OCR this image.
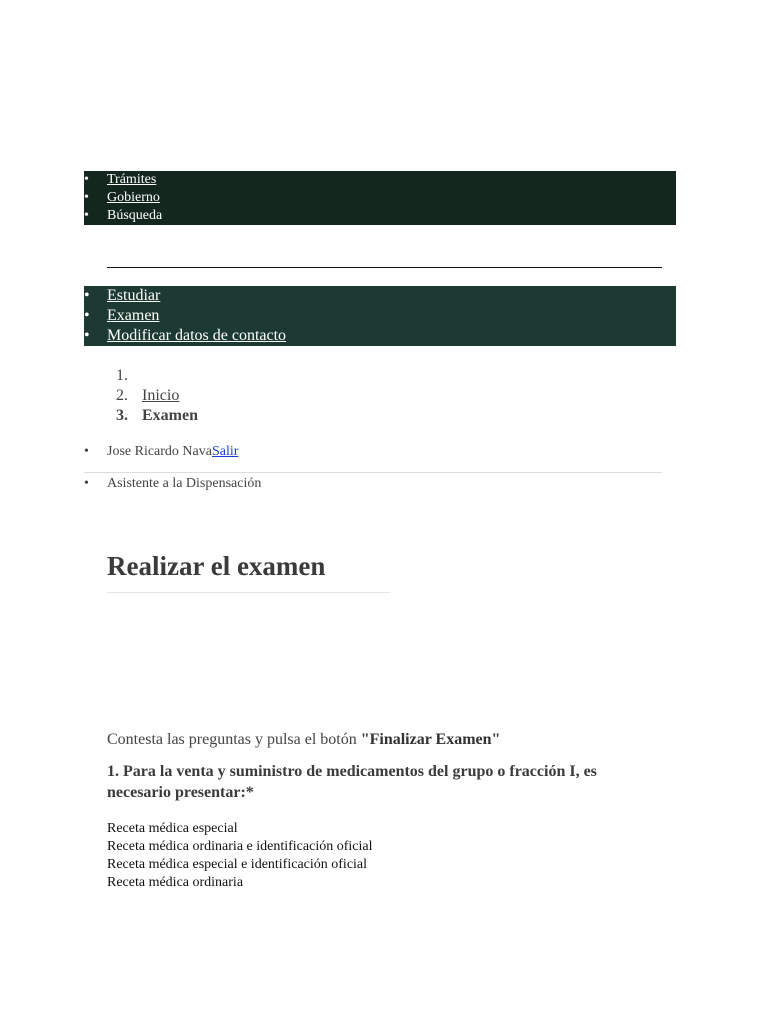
• Trámites
• Gobierno
• Búsqueda
• Estudiar
• Examen
• Modificar datos de contacto
1.
2. Inicio
3. Examen
• Jose Ricardo NavaSalir
• Asistente a la Dispensación
Realizar el examen
Contesta las preguntas y pulsa el botón "Finalizar Examen"
1. Para la venta y suministro de medicamentos del grupo o fracción I, es necesario presentar:*
Receta médica especial
Receta médica ordinaria e identificación oficial
Receta médica especial e identificación oficial
Receta médica ordinaria
